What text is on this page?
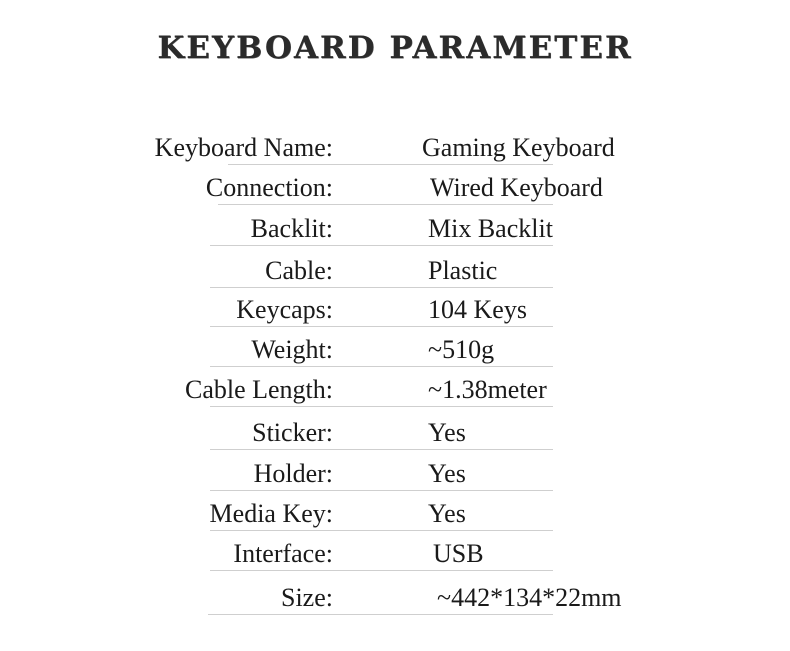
KEYBOARD PARAMETER
Keyboard Name:	Gaming Keyboard
Connection:	Wired Keyboard
Backlit:	Mix Backlit
Cable:	Plastic
Keycaps:	104 Keys
Weight:	~510g
Cable Length:	~1.38meter
Sticker:	Yes
Holder:	Yes
Media Key:	Yes
Interface:	USB
Size:	~442*134*22mm
